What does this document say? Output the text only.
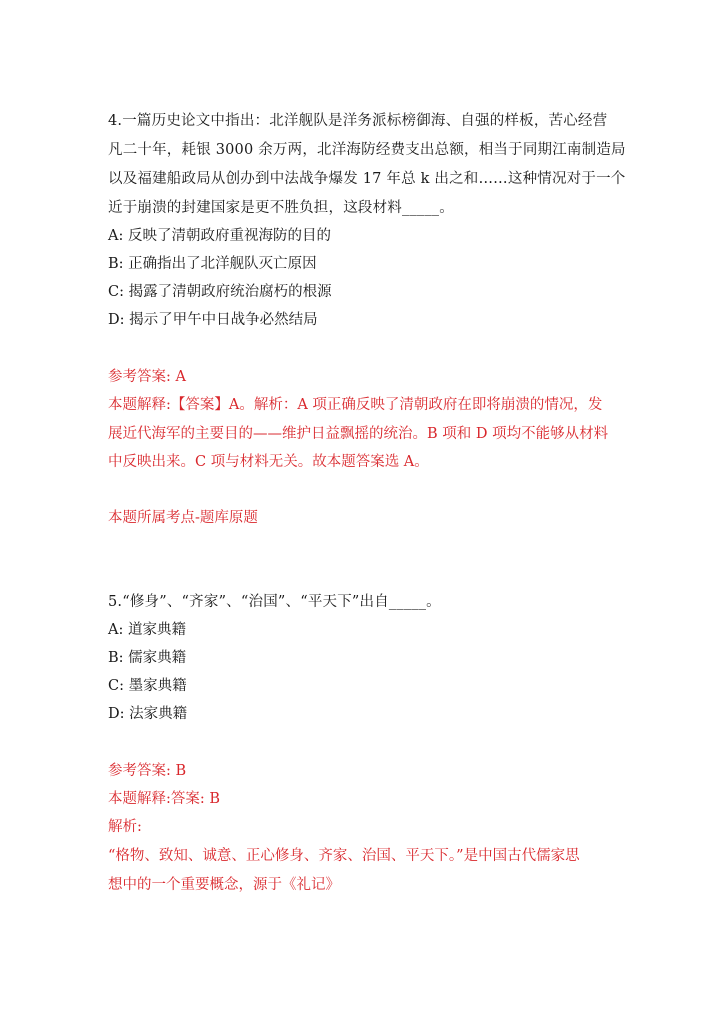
4.一篇历史论文中指出：北洋舰队是洋务派标榜御海、自强的样板，苦心经营
凡二十年，耗银 3000 余万两，北洋海防经费支出总额，相当于同期江南制造局
以及福建船政局从创办到中法战争爆发 17 年总 k 出之和……这种情况对于一个
近于崩溃的封建国家是更不胜负担，这段材料_____。
A: 反映了清朝政府重视海防的目的
B: 正确指出了北洋舰队灭亡原因
C: 揭露了清朝政府统治腐朽的根源
D: 揭示了甲午中日战争必然结局
参考答案: A
本题解释:【答案】A。解析：A 项正确反映了清朝政府在即将崩溃的情况，发
展近代海军的主要目的——维护日益飘摇的统治。B 项和 D 项均不能够从材料
中反映出来。C 项与材料无关。故本题答案选 A。
本题所属考点-题库原题
5.“修身”、“齐家”、“治国”、“平天下”出自_____。
A: 道家典籍
B: 儒家典籍
C: 墨家典籍
D: 法家典籍
参考答案: B
本题解释:答案: B
解析:
“格物、致知、诚意、正心修身、齐家、治国、平天下。”是中国古代儒家思
想中的一个重要概念，源于《礼记》
